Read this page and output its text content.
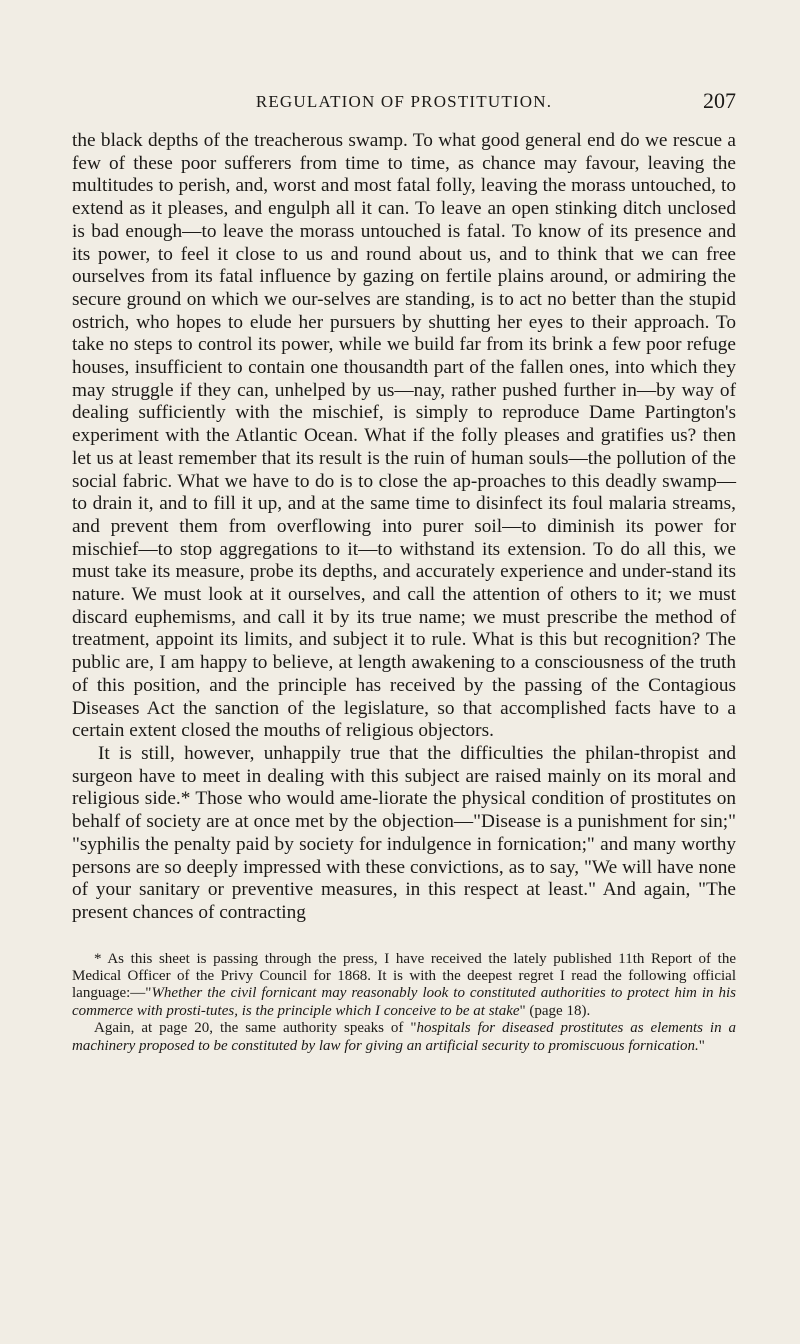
REGULATION OF PROSTITUTION.	207

the black depths of the treacherous swamp. To what good general end do we rescue a few of these poor sufferers from time to time, as chance may favour, leaving the multitudes to perish, and, worst and most fatal folly, leaving the morass untouched, to extend as it pleases, and engulph all it can. To leave an open stinking ditch unclosed is bad enough—to leave the morass untouched is fatal. To know of its presence and its power, to feel it close to us and round about us, and to think that we can free ourselves from its fatal influence by gazing on fertile plains around, or admiring the secure ground on which we our-selves are standing, is to act no better than the stupid ostrich, who hopes to elude her pursuers by shutting her eyes to their approach. To take no steps to control its power, while we build far from its brink a few poor refuge houses, insufficient to contain one thousandth part of the fallen ones, into which they may struggle if they can, unhelped by us—nay, rather pushed further in—by way of dealing sufficiently with the mischief, is simply to reproduce Dame Partington's experiment with the Atlantic Ocean. What if the folly pleases and gratifies us? then let us at least remember that its result is the ruin of human souls—the pollution of the social fabric. What we have to do is to close the ap-proaches to this deadly swamp—to drain it, and to fill it up, and at the same time to disinfect its foul malaria streams, and prevent them from overflowing into purer soil—to diminish its power for mischief—to stop aggregations to it—to withstand its extension. To do all this, we must take its measure, probe its depths, and accurately experience and under-stand its nature. We must look at it ourselves, and call the attention of others to it; we must discard euphemisms, and call it by its true name; we must prescribe the method of treatment, appoint its limits, and subject it to rule. What is this but recognition? The public are, I am happy to believe, at length awakening to a consciousness of the truth of this position, and the principle has received by the passing of the Contagious Diseases Act the sanction of the legislature, so that accomplished facts have to a certain extent closed the mouths of religious objectors.

It is still, however, unhappily true that the difficulties the philan-thropist and surgeon have to meet in dealing with this subject are raised mainly on its moral and religious side.* Those who would ame-liorate the physical condition of prostitutes on behalf of society are at once met by the objection—"Disease is a punishment for sin;" "syphilis the penalty paid by society for indulgence in fornication;" and many worthy persons are so deeply impressed with these convictions, as to say, "We will have none of your sanitary or preventive measures, in this respect at least." And again, "The present chances of contracting

* As this sheet is passing through the press, I have received the lately published 11th Report of the Medical Officer of the Privy Council for 1868. It is with the deepest regret I read the following official language:—"Whether the civil fornicant may reasonably look to constituted authorities to protect him in his commerce with prosti-tutes, is the principle which I conceive to be at stake" (page 18).

Again, at page 20, the same authority speaks of "hospitals for diseased prostitutes as elements in a machinery proposed to be constituted by law for giving an artificial security to promiscuous fornication."
